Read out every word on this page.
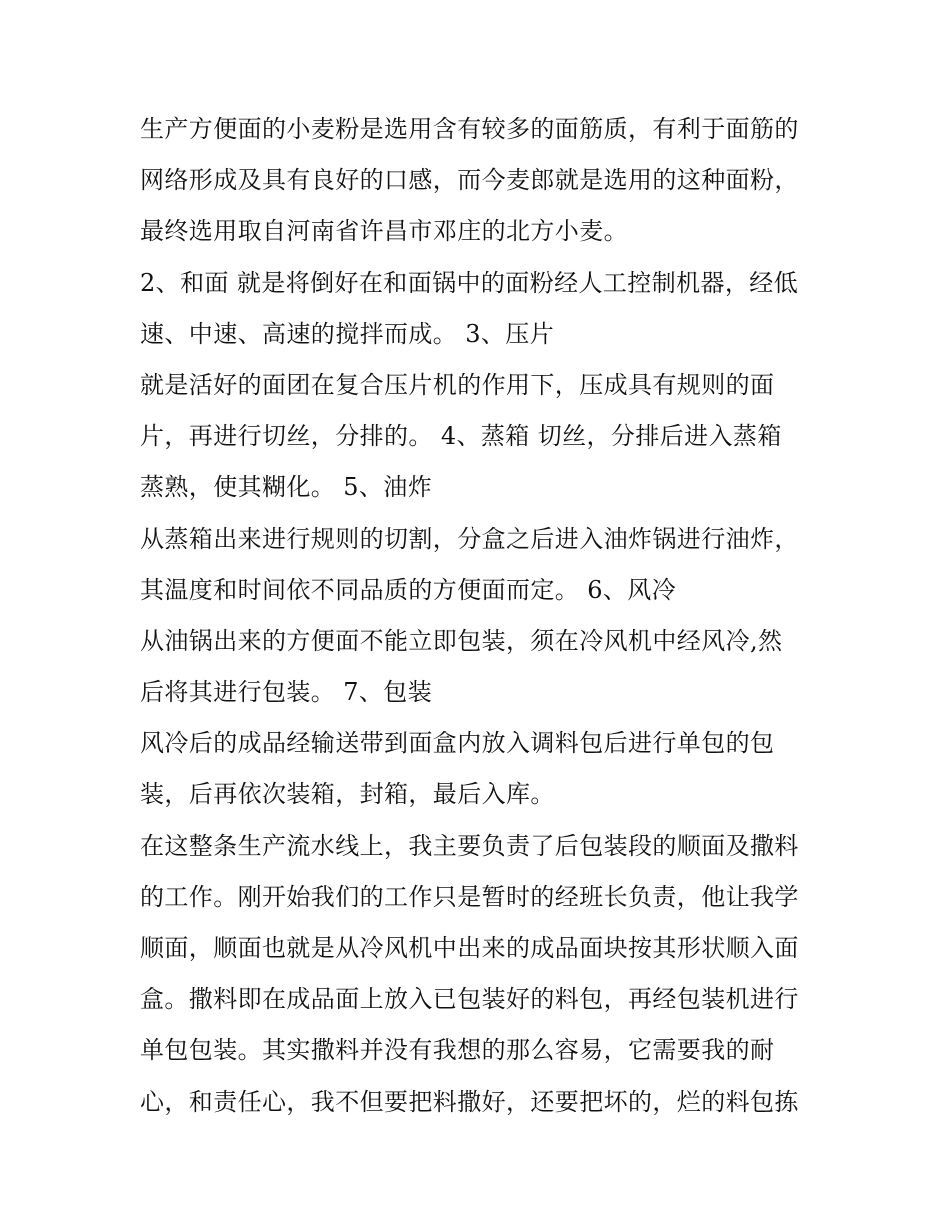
生产方便面的小麦粉是选用含有较多的面筋质，有利于面筋的
网络形成及具有良好的口感，而今麦郎就是选用的这种面粉，
最终选用取自河南省许昌市邓庄的北方小麦。
2、和面 就是将倒好在和面锅中的面粉经人工控制机器，经低
速、中速、高速的搅拌而成。 3、压片
就是活好的面团在复合压片机的作用下，压成具有规则的面
片，再进行切丝，分排的。 4、蒸箱 切丝，分排后进入蒸箱
蒸熟，使其糊化。 5、油炸
从蒸箱出来进行规则的切割，分盒之后进入油炸锅进行油炸，
其温度和时间依不同品质的方便面而定。 6、风冷
从油锅出来的方便面不能立即包装，须在冷风机中经风冷,然
后将其进行包装。 7、包装
风冷后的成品经输送带到面盒内放入调料包后进行单包的包
装，后再依次装箱，封箱，最后入库。
在这整条生产流水线上，我主要负责了后包装段的顺面及撒料
的工作。刚开始我们的工作只是暂时的经班长负责，他让我学
顺面，顺面也就是从冷风机中出来的成品面块按其形状顺入面
盒。撒料即在成品面上放入已包装好的料包，再经包装机进行
单包包装。其实撒料并没有我想的那么容易，它需要我的耐
心，和责任心，我不但要把料撒好，还要把坏的，烂的料包拣
